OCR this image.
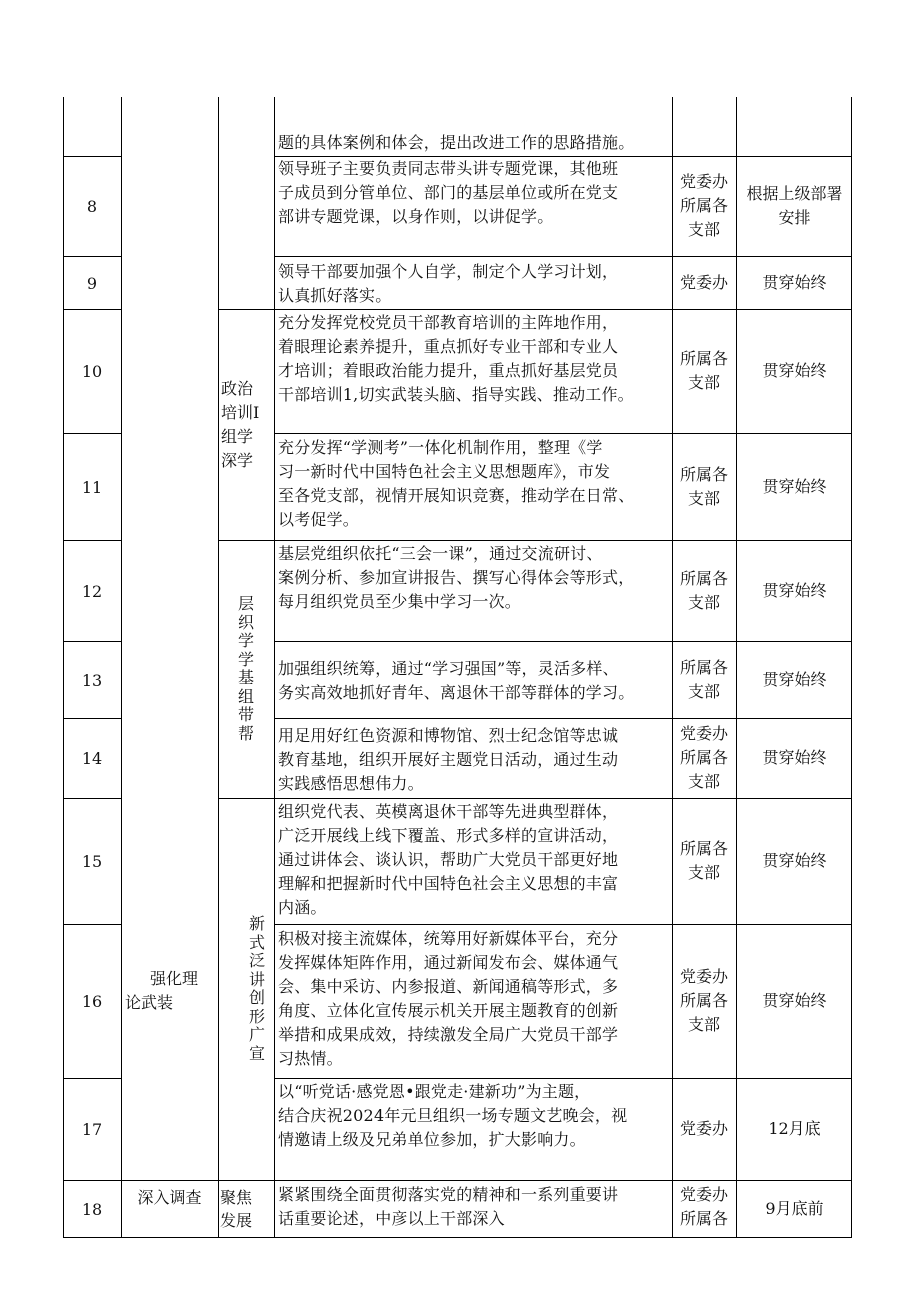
题的具体案例和体会，提出改进工作的思路措施。
8
领导班子主要负责同志带头讲专题党课，其他班
子成员到分管单位、部门的基层单位或所在党支
部讲专题党课，以身作则，以讲促学。
党委办
所属各
支部
根据上级部署
安排
9
领导干部要加强个人自学，制定个人学习计划，
认真抓好落实。
党委办	贯穿始终
10
充分发挥党校党员干部教育培训的主阵地作用，
着眼理论素养提升，重点抓好专业干部和专业人
才培训；着眼政治能力提升，重点抓好基层党员
干部培训1,切实武装头脑、指导实践、推动工作。
所属各
支部
贯穿始终
11
充分发挥“学测考”一体化机制作用，整理《学
习一新时代中国特色社会主义思想题库》，市发
至各党支部，视情开展知识竞赛，推动学在日常、
以考促学。
所属各
支部
贯穿始终
12
基层党组织依托“三会一课”，通过交流研讨、
案例分析、参加宣讲报告、撰写心得体会等形式，
每月组织党员至少集中学习一次。
所属各
支部
贯穿始终
13
加强组织统筹，通过“学习强国”等，灵活多样、
务实高效地抓好青年、离退休干部等群体的学习。
所属各
支部
贯穿始终
14
用足用好红色资源和博物馆、烈士纪念馆等忠诚
教育基地，组织开展好主题党日活动，通过生动
实践感悟思想伟力。
党委办
所属各
支部
贯穿始终
15
组织党代表、英模离退休干部等先进典型群体，
广泛开展线上线下覆盖、形式多样的宣讲活动，
通过讲体会、谈认识，帮助广大党员干部更好地
理解和把握新时代中国特色社会主义思想的丰富
内涵。
所属各
支部
贯穿始终
16
积极对接主流媒体，统筹用好新媒体平台，充分
发挥媒体矩阵作用，通过新闻发布会、媒体通气
会、集中采访、内参报道、新闻通稿等形式，多
角度、立体化宣传展示机关开展主题教育的创新
举措和成果成效，持续激发全局广大党员干部学
习热情。
党委办
所属各
支部
贯穿始终
17
以“听党话·感党恩•跟党走·建新功”为主题，
结合庆祝2024年元旦组织一场专题文艺晚会，视
情邀请上级及兄弟单位参加，扩大影响力。
党委办	12月底
18
紧紧围绕全面贯彻落实党的精神和一系列重要讲
话重要论述，中彦以上干部深入
党委办
所属各
9月底前
强化理
论武装
深入调查
政治
培训I
组学
深学
层
织
学
学
基
组
带
帮
新
式
泛
讲
创
形
广
宣
聚焦
发展
